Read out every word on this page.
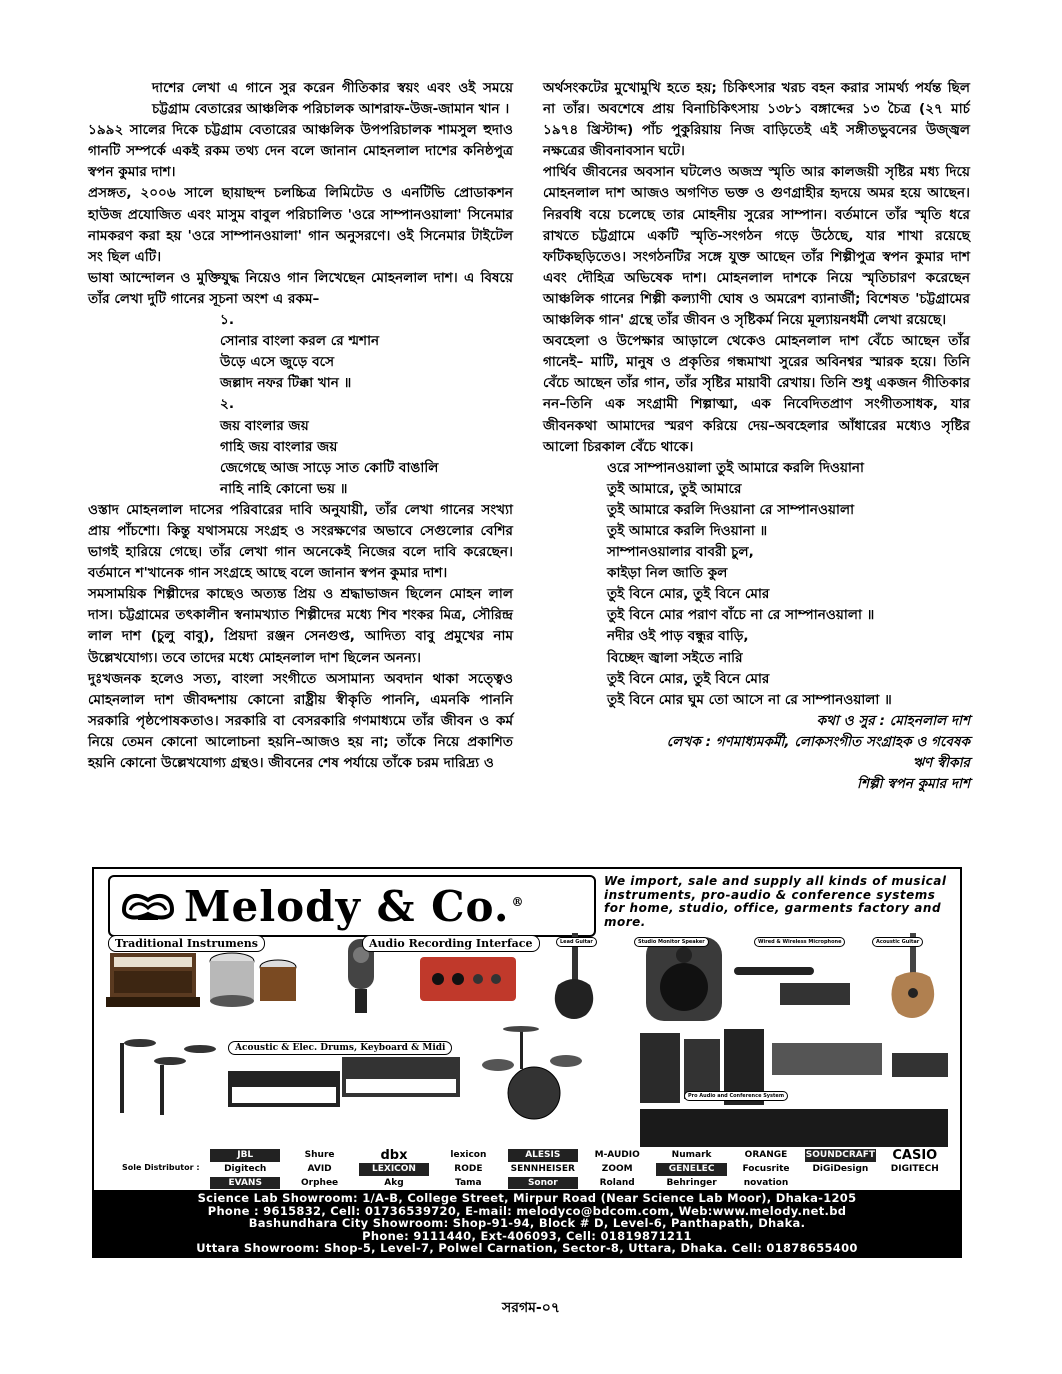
দাশের লেখা এ গানে সুর করেন গীতিকার স্বয়ং এবং ওই সময়ে চট্টগ্রাম বেতারের আঞ্চলিক পরিচালক আশরাফ-উজ-জামান খান ।

১৯৯২ সালের দিকে চট্টগ্রাম বেতারের আঞ্চলিক উপপরিচালক শামসুল হুদাও গানটি সম্পর্কে একই রকম তথ্য দেন বলে জানান মোহনলাল দাশের কনিষ্ঠপুত্র স্বপন কুমার দাশ।

প্রসঙ্গত, ২০০৬ সালে ছায়াছন্দ চলচ্চিত্র লিমিটেড ও এনটিভি প্রোডাকশন হাউজ প্রযোজিত এবং মাসুম বাবুল পরিচালিত 'ওরে সাম্পানওয়ালা' সিনেমার নামকরণ করা হয় 'ওরে সাম্পানওয়ালা' গান অনুসরণে। ওই সিনেমার টাইটেল সং ছিল এটি।

ভাষা আন্দোলন ও মুক্তিযুদ্ধ নিয়েও গান লিখেছেন মোহনলাল দাশ। এ বিষয়ে তাঁর লেখা দুটি গানের সূচনা অংশ এ রকম–

১.
সোনার বাংলা করল রে শ্মশান
উড়ে এসে জুড়ে বসে
জল্লাদ নফর টিক্কা খান ॥
২.
জয় বাংলার জয়
গাহি জয় বাংলার জয়
জেগেছে আজ সাড়ে সাত কোটি বাঙালি
নাহি নাহি কোনো ভয় ॥

ওস্তাদ মোহনলাল দাসের পরিবারের দাবি অনুযায়ী, তাঁর লেখা গানের সংখ্যা প্রায় পাঁচশো। কিন্তু যথাসময়ে সংগ্রহ ও সংরক্ষণের অভাবে সেগুলোর বেশির ভাগই হারিয়ে গেছে। তাঁর লেখা গান অনেকেই নিজের বলে দাবি করেছেন। বর্তমানে শ'খানেক গান সংগ্রহে আছে বলে জানান স্বপন কুমার দাশ।

সমসাময়িক শিল্পীদের কাছেও অত্যন্ত প্রিয় ও শ্রদ্ধাভাজন ছিলেন মোহন লাল দাস। চট্টগ্রামের তৎকালীন স্বনামখ্যাত শিল্পীদের মধ্যে শিব শংকর মিত্র, সৌরিন্দ্র লাল দাশ (চুলু বাবু), প্রিয়দা রঞ্জন সেনগুপ্ত, আদিত্য বাবু প্রমুখের নাম উল্লেখযোগ্য। তবে তাদের মধ্যে মোহনলাল দাশ ছিলেন অনন্য।

দুঃখজনক হলেও সত্য, বাংলা সংগীতে অসামান্য অবদান থাকা সত্ত্বেও মোহনলাল দাশ জীবদ্দশায় কোনো রাষ্ট্রীয় স্বীকৃতি পাননি, এমনকি পাননি সরকারি পৃষ্ঠপোষকতাও। সরকারি বা বেসরকারি গণমাধ্যমে তাঁর জীবন ও কর্ম নিয়ে তেমন কোনো আলোচনা হয়নি–আজও হয় না; তাঁকে নিয়ে প্রকাশিত হয়নি কোনো উল্লেখযোগ্য গ্রন্থও। জীবনের শেষ পর্যায়ে তাঁকে চরম দারিদ্র্য ও

অর্থসংকটের মুখোমুখি হতে হয়; চিকিৎসার খরচ বহন করার সামর্থ্য পর্যন্ত ছিল না তাঁর। অবশেষে প্রায় বিনাচিকিৎসায় ১৩৮১ বঙ্গাব্দের ১৩ চৈত্র (২৭ মার্চ ১৯৭৪ খ্রিস্টাব্দ) পাঁচ পুকুরিয়ায় নিজ বাড়িতেই এই সঙ্গীতভুবনের উজ্জ্বল নক্ষত্রের জীবনাবসান ঘটে।

পার্থিব জীবনের অবসান ঘটলেও অজস্র স্মৃতি আর কালজয়ী সৃষ্টির মধ্য দিয়ে মোহনলাল দাশ আজও অগণিত ভক্ত ও গুণগ্রাহীর হৃদয়ে অমর হয়ে আছেন। নিরবধি বয়ে চলেছে তার মোহনীয় সুরের সাম্পান। বর্তমানে তাঁর স্মৃতি ধরে রাখতে চট্টগ্রামে একটি স্মৃতি-সংগঠন গড়ে উঠেছে, যার শাখা রয়েছে ফটিকছড়িতেও। সংগঠনটির সঙ্গে যুক্ত আছেন তাঁর শিল্পীপুত্র স্বপন কুমার দাশ এবং দৌহিত্র অভিষেক দাশ। মোহনলাল দাশকে নিয়ে স্মৃতিচারণ করেছেন আঞ্চলিক গানের শিল্পী কল্যাণী ঘোষ ও অমরেশ ব্যানার্জী; বিশেষত 'চট্টগ্রামের আঞ্চলিক গান' গ্রন্থে তাঁর জীবন ও সৃষ্টিকর্ম নিয়ে মূল্যায়নধর্মী লেখা রয়েছে।

অবহেলা ও উপেক্ষার আড়ালে থেকেও মোহনলাল দাশ বেঁচে আছেন তাঁর গানেই– মাটি, মানুষ ও প্রকৃতির গন্ধমাখা সুরের অবিনশ্বর স্মারক হয়ে। তিনি বেঁচে আছেন তাঁর গান, তাঁর সৃষ্টির মায়াবী রেখায়। তিনি শুধু একজন গীতিকার নন–তিনি এক সংগ্রামী শিল্পাত্মা, এক নিবেদিতপ্রাণ সংগীতসাধক, যার জীবনকথা আমাদের স্মরণ করিয়ে দেয়–অবহেলার আঁধারের মধ্যেও সৃষ্টির আলো চিরকাল বেঁচে থাকে।

ওরে সাম্পানওয়ালা তুই আমারে করলি দিওয়ানা
তুই আমারে, তুই আমারে
তুই আমারে করলি দিওয়ানা রে সাম্পানওয়ালা
তুই আমারে করলি দিওয়ানা ॥
সাম্পানওয়ালার বাবরী চুল,
কাইড়া নিল জাতি কুল
তুই বিনে মোর, তুই বিনে মোর
তুই বিনে মোর পরাণ বাঁচে না রে সাম্পানওয়ালা ॥
নদীর ওই পাড় বন্ধুর বাড়ি,
বিচ্ছেদ জ্বালা সইতে নারি
তুই বিনে মোর, তুই বিনে মোর
তুই বিনে মোর ঘুম তো আসে না রে সাম্পানওয়ালা ॥
কথা ও সুর : মোহনলাল দাশ
লেখক : গণমাধ্যমকর্মী, লোকসংগীত সংগ্রাহক ও গবেষক
ঋণ স্বীকার
শিল্পী স্বপন কুমার দাশ
Melody & Co. ®
We import, sale and supply all kinds of musical instruments, pro-audio & conference systems for home, studio, office, garments factory and more.
Traditional Instrumens	Audio Recording Interface	Lead Guitar	Studio Monitor Speaker	Wired & Wireless Microphone	Acoustic Guitar
Acoustic & Elec. Drums, Keyboard & Midi
Pro Audio and Conference System
Sole Distributor :
JBL	Shure	dbx	lexicon	ALESIS	M-AUDIO	Numark	ORANGE	SOUNDCRAFT	CASIO
Digitech	AVID	LEXICON	RODE	SENNHEISER	ZOOM	GENELEC	Focusrite	DiGiDesign	DIGITECH
EVANS	Orphee	Akg	Tama	Sonor	Roland	Behringer	novation
Science Lab Showroom: 1/A-B, College Street, Mirpur Road (Near Science Lab Moor), Dhaka-1205
Phone : 9615832, Cell: 01736539720, E-mail: melodyco@bdcom.com, Web:www.melody.net.bd
Bashundhara City Showroom: Shop-91-94, Block # D, Level-6, Panthapath, Dhaka.
Phone: 9111440, Ext-406093, Cell: 01819871211
Uttara Showroom: Shop-5, Level-7, Polwel Carnation, Sector-8, Uttara, Dhaka. Cell: 01878655400
সরগম-০৭
